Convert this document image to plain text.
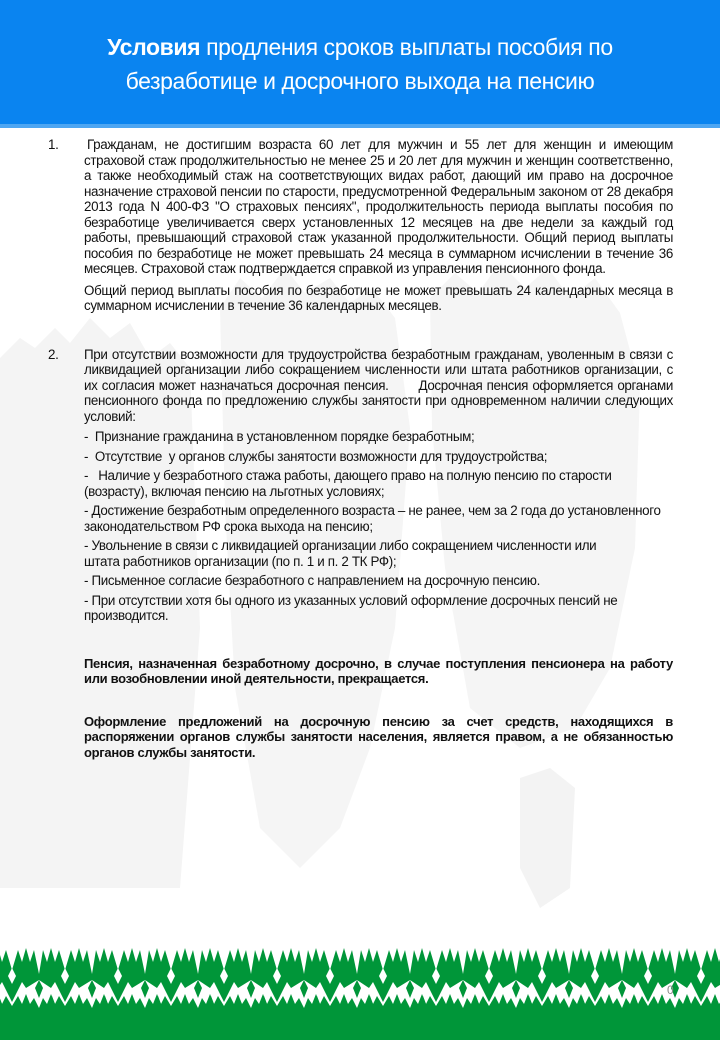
Условия продления сроков выплаты пособия по
безработице и досрочного выхода на пенсию
1. Гражданам, не достигшим возраста 60 лет для мужчин и 55 лет для женщин и имеющим страховой стаж продолжительностью не менее 25 и 20 лет для мужчин и женщин соответственно, а также необходимый стаж на соответствующих видах работ, дающий им право на досрочное назначение страховой пенсии по старости, предусмотренной Федеральным законом от 28 декабря 2013 года N 400-ФЗ "О страховых пенсиях", продолжительность периода выплаты пособия по безработице увеличивается сверх установленных 12 месяцев на две недели за каждый год работы, превышающий страховой стаж указанной продолжительности. Общий период выплаты пособия по безработице не может превышать 24 месяца в суммарном исчислении в течение 36 месяцев. Страховой стаж подтверждается справкой из управления пенсионного фонда.

Общий период выплаты пособия по безработице не может превышать 24 календарных месяца в суммарном исчислении в течение 36 календарных месяцев.

2. При отсутствии возможности для трудоустройства безработным гражданам, уволенным в связи с ликвидацией организации либо сокращением численности или штата работников организации, с их согласия может назначаться досрочная пенсия.       Досрочная пенсия оформляется органами пенсионного фонда по предложению службы занятости при одновременном наличии следующих условий:

-  Признание гражданина в установленном порядке безработным;

-  Отсутствие  у органов службы занятости возможности для трудоустройства;

-   Наличие у безработного стажа работы, дающего право на полную пенсию по старости (возрасту), включая пенсию на льготных условиях;

- Достижение безработным определенного возраста – не ранее, чем за 2 года до установленного законодательством РФ срока выхода на пенсию;

- Увольнение в связи с ликвидацией организации либо сокращением численности или штата работников организации (по п. 1 и п. 2 ТК РФ);

- Письменное согласие безработного с направлением на досрочную пенсию.

- При отсутствии хотя бы одного из указанных условий оформление досрочных пенсий не производится.

Пенсия, назначенная безработному досрочно, в случае поступления пенсионера на работу или возобновлении иной деятельности, прекращается.

Оформление предложений на досрочную пенсию за счет средств, находящихся в распоряжении органов службы занятости населения, является правом, а не обязанностью органов службы занятости.

0
